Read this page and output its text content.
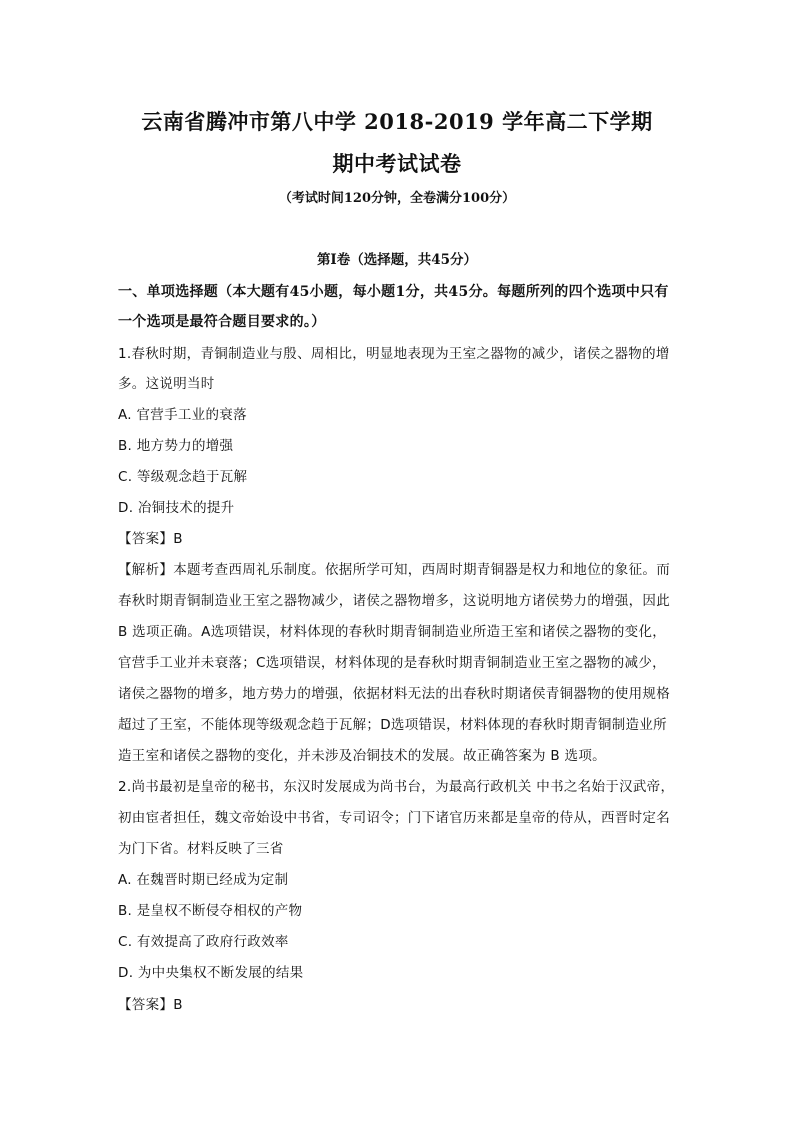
云南省腾冲市第八中学 2018-2019 学年高二下学期
期中考试试卷
（考试时间120分钟，全卷满分100分）
第Ⅰ卷（选择题，共45分）
一、单项选择题（本大题有45小题，每小题1分，共45分。每题所列的四个选项中只有
一个选项是最符合题目要求的。）
1.春秋时期，青铜制造业与殷、周相比，明显地表现为王室之器物的减少，诸侯之器物的增
多。这说明当时
A. 官营手工业的衰落
B. 地方势力的增强
C. 等级观念趋于瓦解
D. 冶铜技术的提升
【答案】B
【解析】本题考查西周礼乐制度。依据所学可知，西周时期青铜器是权力和地位的象征。而
春秋时期青铜制造业王室之器物减少，诸侯之器物增多，这说明地方诸侯势力的增强，因此
B 选项正确。A选项错误，材料体现的春秋时期青铜制造业所造王室和诸侯之器物的变化，
官营手工业并未衰落；C选项错误，材料体现的是春秋时期青铜制造业王室之器物的减少，
诸侯之器物的增多，地方势力的增强，依据材料无法的出春秋时期诸侯青铜器物的使用规格
超过了王室，不能体现等级观念趋于瓦解；D选项错误，材料体现的春秋时期青铜制造业所
造王室和诸侯之器物的变化，并未涉及冶铜技术的发展。故正确答案为 B 选项。
2.尚书最初是皇帝的秘书，东汉时发展成为尚书台，为最高行政机关 中书之名始于汉武帝，
初由宦者担任，魏文帝始设中书省，专司诏令；门下诸官历来都是皇帝的侍从，西晋时定名
为门下省。材料反映了三省
A. 在魏晋时期已经成为定制
B. 是皇权不断侵夺相权的产物
C. 有效提高了政府行政效率
D. 为中央集权不断发展的结果
【答案】B
